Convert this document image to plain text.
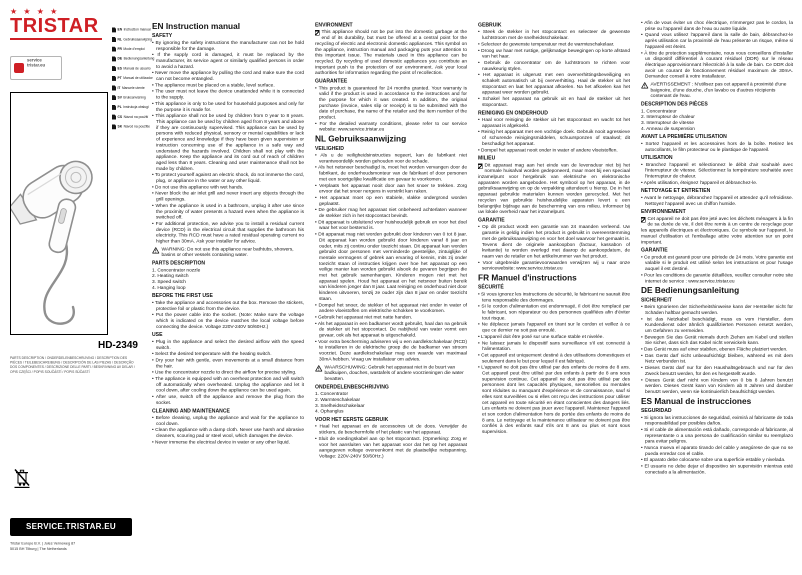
★ ★ ★ ★
TRISTAR
service
tristar.eu
HD-2349
PARTS DESCRIPTION / ONDERDELENBESCHRIJVING / DESCRIPTION DES PIÈCES / TEILEBESCHREIBUNG / DESCRIPCIÓN DE LAS PIEZAS / DESCRIÇÃO DOS COMPONENTES / DESCRIZIONE DELLE PARTI / BESKRIVNING AV DELAR / OPIS CZĘŚCI / POPIS SOUČÁSTÍ / POPIS SÚČASTÍ
SERVICE.TRISTAR.EU
Tristar Europe B.V. | Jules Verneweg 87
5015 BH Tilburg | The Netherlands
EN Instruction manual
NL Gebruiksaanwijzing
FR Mode d'emploi
DE Bedienungsanleitung
ES Manual de usuario
PT Manual de utilizador
IT Manuele utente
SV Bruksanvisning
PL Instrukcja obsługi
CS Návod na použití
SK Návod na použitie
EN Instruction manual
SAFETY
• By ignoring the safety instructions the manufacturer can not be hold responsible for the damage.
• If the supply cord is damaged, it must be replaced by the manufacturer, its service agent or similarly qualified persons in order to avoid a hazard.
• Never move the appliance by pulling the cord and make sure the cord can not become entangled.
• The appliance must be placed on a stable, level surface.
• The user must not leave the device unattended while it is connected to the supply.
• This appliance is only to be used for household purposes and only for the purpose it is made for.
• This appliance shall not be used by children from 0 year to 8 years. This appliance can be used by children aged from 8 years and above if they are continuously supervised. This appliance can be used by persons with reduced physical, sensory or mental capabilities or lack of experience and knowledge if they have been given supervision or instruction concerning use of the appliance in a safe way and understand the hazards involved. Children shall not play with the appliance. Keep the appliance and its cord out of reach of children aged less than 8 years. Cleaning and user maintenance shall not be made by children.
• To protect yourself against an electric shock, do not immerse the cord, plug, or appliance in the water or any other liquid.
• Do not use this appliance with wet hands.
• Never block the air inlet grill and never insert any objects through the grill openings.
• When the appliance is used in a bathroom, unplug it after use since the proximity of water presents a hazard even when the appliance is switched off.
• For additional protection, we advise you to install a residual current device (RCD) in the electrical circuit that supplies the bathroom his electricity. This RCD must have a rated residual operating current no higher than 30mA. Ask your installer for advice.
WARNING: Do not use this appliance near bathtubs, showers, basins or other vessels containing water.
PARTS DESCRIPTION
1. Concentrator nozzle
2. Heating switch
3. Speed switch
4. Hanging loop
BEFORE THE FIRST USE
• Take the appliance and accessories out the box. Remove the stickers, protective foil or plastic from the device.
• Put the power cable into the socket. (Note: Make sure the voltage which is indicated on the device matches the local voltage before connecting the device. Voltage 220V-240V 50/60Hz.)
USE
• Plug in the appliance and select the desired airflow with the speed switch.
• Select the desired temperature with the heating switch.
• Dry your hair with gentle, even movements at a small distance from the hair.
• Use the concentrator nozzle to direct the airflow for precise styling.
• The appliance is equipped with an overheat protection and will switch off automatically when overheated. Unplug the appliance and let it cool down, after cooling down the appliance can be used again.
• After use, switch off the appliance and remove the plug from the socket.
CLEANING AND MAINTENANCE
• Before cleaning, unplug the appliance and wait for the appliance to cool down.
• Clean the appliance with a damp cloth. Never use harsh and abrasive cleaners, scouring pad or steel wool, which damages the device.
• Never immerse the electrical device in water or any other liquid.
ENVIRONMENT
This appliance should not be put into the domestic garbage at the end of its durability, but must be offered at a central point for the recycling of electric and electronic domestic appliances. This symbol on the appliance, instruction manual and packaging puts your attention to this important issue. The materials used in this appliance can be recycled. By recycling of used domestic appliances you contribute an important push to the protection of our environment. Ask your local authorities for information regarding the point of recollection.
GUARANTEE
• This product is guaranteed for 24 months granted. Your warranty is valid if the product is used in accordance to the instructions and for the purpose for which it was created. In addition, the original purchase (invoice, sales slip or receipt) is to be submitted with the date of purchase, the name of the retailer and the item number of the product.
• For the detailed warranty conditions, please refer to our service website: www.service.tristar.eu
NL Gebruiksaanwijzing
VEILIGHEID
• Als u de veiligheidsinstructies negeert, kan de fabrikant niet verantwoordelijk worden gehouden voor de schade.
• Als het netsnoer beschadigd is, moet het worden vervangen door de fabrikant, de onderhoudsmonteur van de fabrikant of door personen met een soortgelijke kwalificatie om gevaar te voorkomen.
• Verplaats het apparaat nooit door aan het snoer te trekken. Zorg ervoor dat het snoer nergens in verstrikt kan raken.
• Het apparaat moet op een stabiele, vlakke ondergrond worden geplaatst.
• De gebruiker mag het apparaat niet onbeheerd achterlaten wanneer de stekker zich in het stopcontact bevindt.
• Dit apparaat is uitsluitend voor huishoudelijk gebruik en voor het doel waar het voor bestemd is.
• Dit apparaat mag niet worden gebruikt door kinderen van 0 tot 8 jaar. Dit apparaat kan worden gebruikt door kinderen vanaf 8 jaar en ouder, mits zij continu onder toezicht staan. Dit apparaat kan worden gebruikt door personen met verminderde geestelijke, zintuiglijke of mentale vermogens of gebrek aan ervaring of kennis, mits zij onder toezicht staan of instructies krijgen over hoe het apparaat op een veilige manier kan worden gebruikt alsook de gevaren begrijpen die met het gebruik samenhangen. Kinderen mogen niet met het apparaat spelen. Houd het apparaat en het netsnoer buiten bereik van kinderen jonger dan 8 jaar. Laat reiniging en onderhoud niet door kinderen uitvoeren, tenzij ze ouder zijn dan 8 jaar en onder toezicht staan.
• Dompel het snoer, de stekker of het apparaat niet onder in water of andere vloeistoffen om elektrische schokken te voorkomen.
• Gebruik het apparaat niet met natte handen.
• Als het apparaat in een badkamer wordt gebruikt, haal dan na gebruik de stekker uit het stopcontact. De nabijheid van water vormt een gevaar, ook als het apparaat is uitgeschakeld.
• Voor extra bescherming adviseren wij u een aardlekschakelaar (RCD) te installeren in de elektrische groep die de badkamer van stroom voorziet. Deze aardlekschakelaar mag een waarde van maximaal 30mA hebben. Vraag uw installateur om advies.
WAARSCHUWING: Gebruik het apparaat niet in de buurt van badkuipen, douches, wastafels of andere voorzieningen die water bevatten.
ONDERDELENBESCHRIJVING
1. Concentrator
2. Warmteschakelaar
3. Snelheidsschakelaar
4. Ophanglus
VOOR HET EERSTE GEBRUIK
• Haal het apparaat en de accessoires uit de doos. Verwijder de stickers, de beschermfolie of het plastic van het apparaat.
• Sluit de voedingskabel aan op het stopcontact. (Opmerking: Zorg er voor het aansluiten van het apparaat voor dat het op het apparaat aangegeven voltage overeenkomt met de plaatselijke netspanning. Voltage: 220V-240V 50/60Hz.)
GEBRUIK
• Steek de stekker in het stopcontact en selecteer de gewenste luchtstroom met de snelheidsschakelaar.
• Selecteer de gewenste temperatuur met de warmteschakelaar.
• Droog uw haar met rustige, gelijkmatige bewegingen op korte afstand van het haar.
• Gebruik de concentrator om de luchtstroom te richten voor nauwkeurig stylen.
• Het apparaat is uitgerust met een oververhittingsbeveiliging en schakelt automatisch uit bij oververhitting. Haal de stekker uit het stopcontact en laat het apparaat afkoelen. Na het afkoelen kan het apparaat weer worden gebruikt.
• Schakel het apparaat na gebruik uit en haal de stekker uit het stopcontact.
REINIGING EN ONDERHOUD
• Haal voor reiniging de stekker uit het stopcontact en wacht tot het apparaat is afgekoeld.
• Reinig het apparaat met een vochtige doek. Gebruik nooit agressieve of schurende reinigingsmiddelen, schuursponzen of staalwol; dit beschadigt het apparaat.
• Dompel het apparaat nooit onder in water of andere vloeistoffen.
MILIEU
Dit apparaat mag aan het einde van de levensduur niet bij het normale huisafval worden gedeponeerd, maar moet bij een speciaal inzamelpunt voor hergebruik van elektrische en elektronische apparaten worden aangeboden. Het symbool op het apparaat, in de gebruiksaanwijzing en op de verpakking attendeert u hierop. De in het apparaat gebruikte materialen kunnen worden gerecycled. Met het recyclen van gebruikte huishoudelijke apparaten levert u een belangrijke bijdrage aan de bescherming van ons milieu. Informeer bij uw lokale overheid naar het inzamelpunt.
GARANTIE
• Op dit product wordt een garantie van 24 maanden verleend. Uw garantie is geldig indien het product is gebruikt in overeenstemming met de gebruiksaanwijzing en voor het doel waarvoor het gemaakt is. Tevens dient de originele aankoopbon (factuur, kassabon of kwitantie) te worden overlegd met daarop de aankoopdatum, de naam van de retailer en het artikelnummer van het product.
• Voor uitgebreide garantievoorwaarden verwijzen wij u naar onze servicewebsite: www.service.tristar.eu
FR Manuel d'instructions
SÉCURITÉ
• Si vous ignorez les instructions de sécurité, le fabricant ne saurait être tenu responsable des dommages.
• Si le cordon d'alimentation est endommagé, il doit être remplacé par le fabricant, son réparateur ou des personnes qualifiées afin d'éviter tout risque.
• Ne déplacez jamais l'appareil en tirant sur le cordon et veillez à ce que ce dernier ne soit pas enroulé.
• L'appareil doit être posé sur une surface stable et nivelée.
• Ne laissez jamais le dispositif sans surveillance s'il est connecté à l'alimentation.
• Cet appareil est uniquement destiné à des utilisations domestiques et seulement dans le but pour lequel il est fabriqué.
• L'appareil ne doit pas être utilisé par des enfants de moins de 8 ans. Cet appareil peut être utilisé par des enfants à partir de 8 ans sous supervision continue. Cet appareil ne doit pas être utilisé par des personnes dont les capacités physiques, sensorielles ou mentales sont réduites ou manquant d'expérience et de connaissance, sauf si elles sont surveillées ou si elles ont reçu des instructions pour utiliser cet appareil en toute sécurité en étant conscientes des dangers liés. Les enfants ne doivent pas jouer avec l'appareil. Maintenez l'appareil et son cordon d'alimentation hors de portée des enfants de moins de 8 ans. Le nettoyage et la maintenance utilisateur ne doivent pas être confiés à des enfants sauf s'ils ont 8 ans ou plus et sont sous supervision.
• Afin de vous éviter un choc électrique, n'immergez pas le cordon, la prise ou l'appareil dans de l'eau ou autre liquide.
• Quand vous utilisez l'appareil dans la salle de bain, débranchez-le après utilisation car la proximité de l'eau présente un risque, même si l'appareil est éteint.
• À titre de protection supplémentaire, nous vous conseillons d'installer un dispositif différentiel à courant résiduel (DDR) sur le réseau électrique approvisionnant l'électricité à la salle de bain. Ce DDR doit avoir un courant de fonctionnement résiduel maximum de 30mA. Demandez conseil à votre installateur.
AVERTISSEMENT : N'utilisez pas cet appareil à proximité d'une baignoire, d'une douche, d'un lavabo ou d'autres récipients contenant de l'eau.
DESCRIPTION DES PIÈCES
1. Concentrateur
2. Interrupteur de chaleur
3. Interrupteur de vitesse
4. Anneau de suspension
AVANT LA PREMIÈRE UTILISATION
• Sortez l'appareil et les accessoires hors de la boîte. Retirez les autocollants, le film protecteur ou le plastique de l'appareil.
UTILISATION
• Branchez l'appareil et sélectionnez le débit d'air souhaité avec l'interrupteur de vitesse. Sélectionnez la température souhaitée avec l'interrupteur de chaleur.
• Après utilisation, éteignez l'appareil et débranchez-le.
NETTOYAGE ET ENTRETIEN
• Avant le nettoyage, débranchez l'appareil et attendez qu'il refroidisse. Nettoyez l'appareil avec un chiffon humide.
ENVIRONNEMENT
Cet appareil ne doit pas être jeté avec les déchets ménagers à la fin de sa durée de vie, il doit être remis à un centre de recyclage pour les appareils électriques et électroniques. Ce symbole sur l'appareil, le manuel d'utilisation et l'emballage attire votre attention sur un point important.
GARANTIE
• Ce produit est garanti pour une période de 24 mois. Votre garantie est valable si le produit est utilisé selon les instructions et pour l'usage auquel il est destiné.
• Pour les conditions de garantie détaillées, veuillez consulter notre site internet de service : www.service.tristar.eu
DE Bedienungsanleitung
SICHERHEIT
• Beim Ignorieren der Sicherheitshinweise kann der Hersteller nicht für Schäden haftbar gemacht werden.
• Ist das Netzkabel beschädigt, muss es vom Hersteller, dem Kundendienst oder ähnlich qualifizierten Personen ersetzt werden, um Gefahren zu vermeiden.
• Bewegen Sie das Gerät niemals durch Ziehen am Kabel und stellen Sie sicher, dass sich das Kabel nicht verwickeln kann.
• Das Gerät muss auf einer stabilen, ebenen Fläche platziert werden.
• Das Gerät darf nicht unbeaufsichtigt bleiben, während es mit dem Netz verbunden ist.
• Dieses Gerät darf nur für den Haushaltsgebrauch und nur für den Zweck benutzt werden, für den es hergestellt wurde.
• Dieses Gerät darf nicht von Kindern von 0 bis 8 Jahren benutzt werden. Dieses Gerät kann von Kindern ab 8 Jahren und darüber benutzt werden, wenn sie kontinuierlich beaufsichtigt werden.
ES Manual de instrucciones
SEGURIDAD
• Si ignora las instrucciones de seguridad, eximirá al fabricante de toda responsabilidad por posibles daños.
• Si el cable de alimentación está dañado, corresponde al fabricante, al representante o a una persona de cualificación similar su reemplazo para evitar peligros.
• Nunca mueva el aparato tirando del cable y asegúrese de que no se pueda enredar con el cable.
• El aparato debe colocarse sobre una superficie estable y nivelada.
• El usuario no debe dejar el dispositivo sin supervisión mientras esté conectado a la alimentación.
